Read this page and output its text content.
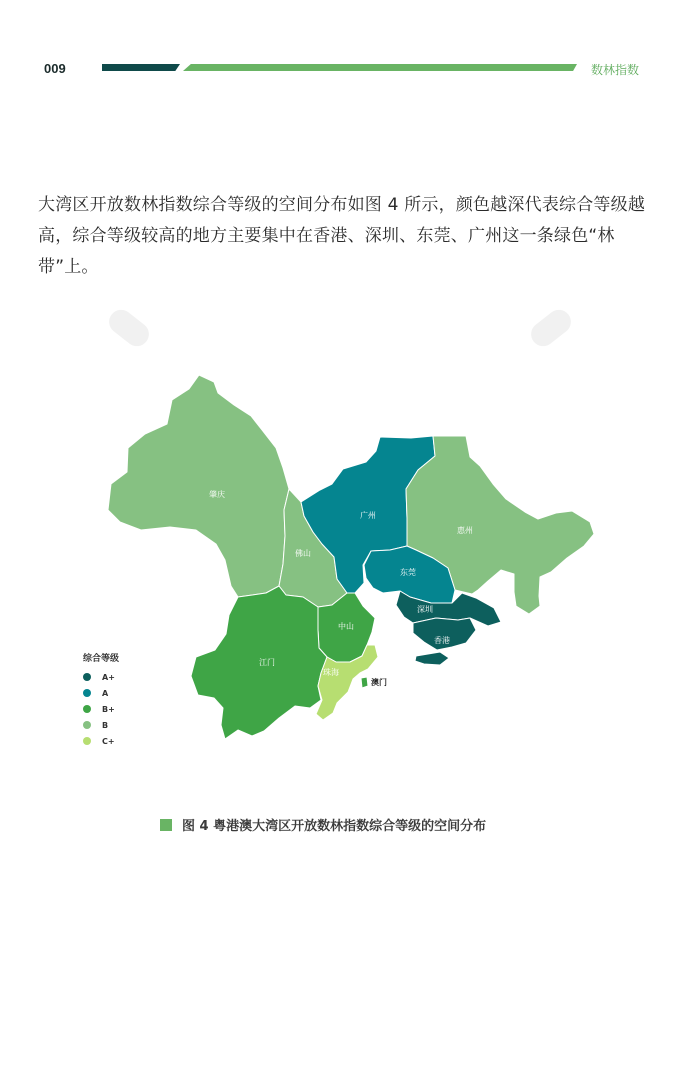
009	数林指数

大湾区开放数林指数综合等级的空间分布如图 4 所示，颜色越深代表综合等级越高，综合等级较高的地方主要集中在香港、深圳、东莞、广州这一条绿色“林带”上。

肇庆
佛山
广州
惠州
东莞
深圳
香港
中山
江门
珠海
澳门
综合等级
A+
A
B+
B
C+
图 4 粤港澳大湾区开放数林指数综合等级的空间分布
